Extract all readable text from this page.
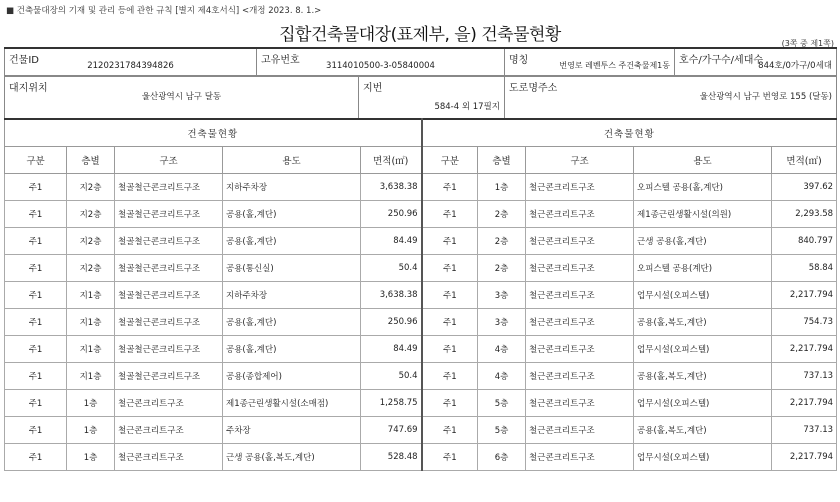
■ 건축물대장의 기재 및 관리 등에 관한 규칙 [별지 제4호서식] <개정 2023. 8. 1.>
집합건축물대장(표제부, 을) 건축물현황	(3쪽 중 제1쪽)
건물ID	2120231784394826	고유번호	3114010500-3-05840004	명칭	번영로 레벤투스 주건축물제1동	호수/가구수/세대수
844호/0가구/0세대
대지위치
울산광역시 남구 달동

지번
584-4 외 17필지

도로명주소
울산광역시 남구 번영로 155 (달동)
건축물현황					건축물현황				
구분	층별	구조	용도	면적(㎡)	구분	층별	구조	용도	면적(㎡)
주1	지2층	철골철근콘크리트구조	지하주차장	3,638.38	주1	1층	철근콘크리트구조	오피스텔 공용(홀,계단)	397.62
주1	지2층	철골철근콘크리트구조	공용(홀,계단)	250.96	주1	2층	철근콘크리트구조	제1종근린생활시설(의원)	2,293.58
주1	지2층	철골철근콘크리트구조	공용(홀,계단)	84.49	주1	2층	철근콘크리트구조	근생 공용(홀,계단)	840.797
주1	지2층	철골철근콘크리트구조	공용(통신실)	50.4	주1	2층	철근콘크리트구조	오피스텔 공용(계단)	58.84
주1	지1층	철골철근콘크리트구조	지하주차장	3,638.38	주1	3층	철근콘크리트구조	업무시설(오피스텔)	2,217.794
주1	지1층	철골철근콘크리트구조	공용(홀,계단)	250.96	주1	3층	철근콘크리트구조	공용(홀,복도,계단)	754.73
주1	지1층	철골철근콘크리트구조	공용(홀,계단)	84.49	주1	4층	철근콘크리트구조	업무시설(오피스텔)	2,217.794
주1	지1층	철골철근콘크리트구조	공용(종합제어)	50.4	주1	4층	철근콘크리트구조	공용(홀,복도,계단)	737.13
주1	1층	철근콘크리트구조	제1종근린생활시설(소매점)	1,258.75	주1	5층	철근콘크리트구조	업무시설(오피스텔)	2,217.794
주1	1층	철근콘크리트구조	주차장	747.69	주1	5층	철근콘크리트구조	공용(홀,복도,계단)	737.13
주1	1층	철근콘크리트구조	근생 공용(홀,복도,계단)	528.48	주1	6층	철근콘크리트구조	업무시설(오피스텔)	2,217.794
